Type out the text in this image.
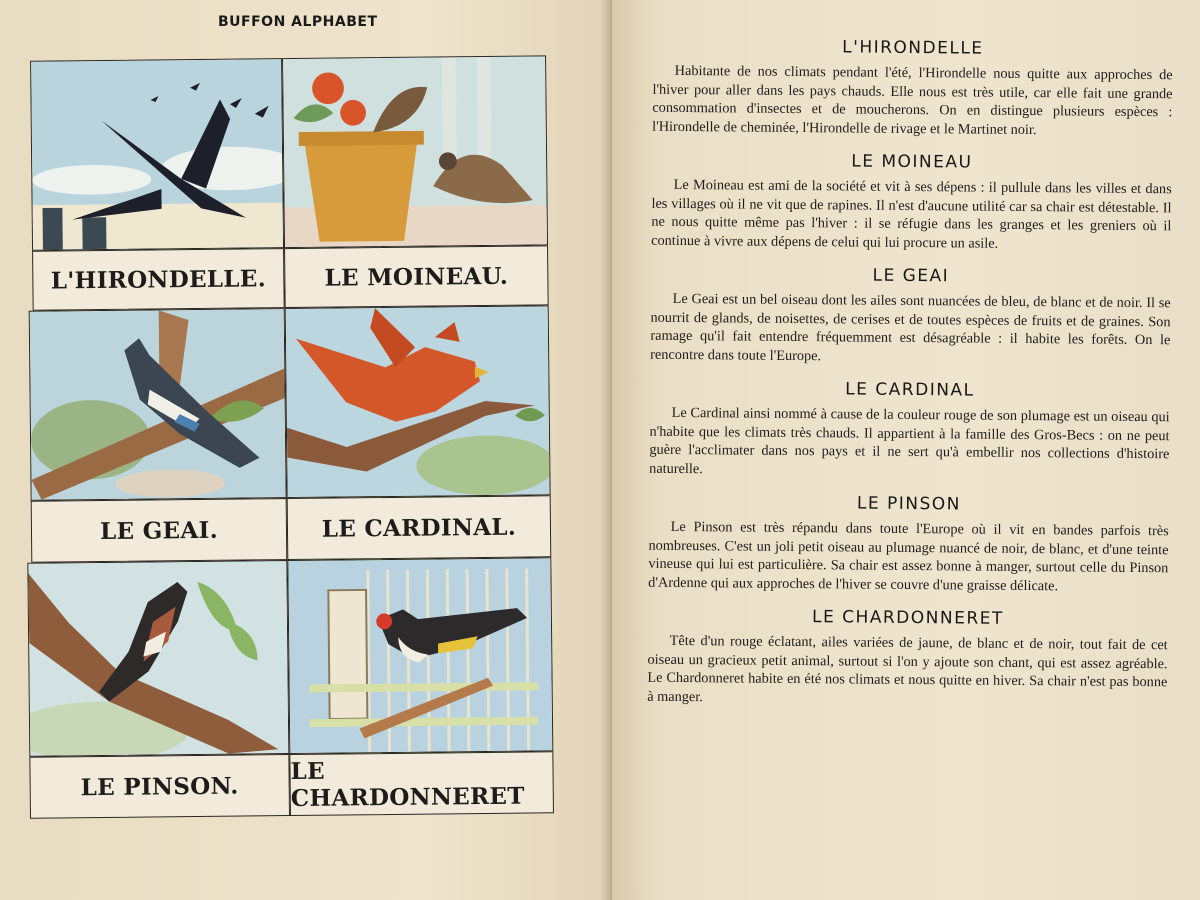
BUFFON ALPHABET
L'HIRONDELLE.	LE MOINEAU.
LE GEAI.	LE CARDINAL.
LE PINSON.
LE CHARDONNERET
L'HIRONDELLE

Habitante de nos climats pendant l'été, l'Hirondelle nous quitte aux approches de l'hiver pour aller dans les pays chauds. Elle nous est très utile, car elle fait une grande consommation d'insectes et de moucherons. On en distingue plusieurs espèces : l'Hirondelle de cheminée, l'Hirondelle de rivage et le Martinet noir.

LE MOINEAU

Le Moineau est ami de la société et vit à ses dépens : il pullule dans les villes et dans les villages où il ne vit que de rapines. Il n'est d'aucune utilité car sa chair est détestable. Il ne nous quitte même pas l'hiver : il se réfugie dans les granges et les greniers où il continue à vivre aux dépens de celui qui lui procure un asile.

LE GEAI

Le Geai est un bel oiseau dont les ailes sont nuancées de bleu, de blanc et de noir. Il se nourrit de glands, de noisettes, de cerises et de toutes espèces de fruits et de graines. Son ramage qu'il fait entendre fréquemment est désagréable : il habite les forêts. On le rencontre dans toute l'Europe.

LE CARDINAL

Le Cardinal ainsi nommé à cause de la couleur rouge de son plumage est un oiseau qui n'habite que les climats très chauds. Il appartient à la famille des Gros-Becs : on ne peut guère l'acclimater dans nos pays et il ne sert qu'à embellir nos collections d'histoire naturelle.

LE PINSON

Le Pinson est très répandu dans toute l'Europe où il vit en bandes parfois très nombreuses. C'est un joli petit oiseau au plumage nuancé de noir, de blanc, et d'une teinte vineuse qui lui est particulière. Sa chair est assez bonne à manger, surtout celle du Pinson d'Ardenne qui aux approches de l'hiver se couvre d'une graisse délicate.

LE CHARDONNERET

Tête d'un rouge éclatant, ailes variées de jaune, de blanc et de noir, tout fait de cet oiseau un gracieux petit animal, surtout si l'on y ajoute son chant, qui est assez agréable. Le Chardonneret habite en été nos climats et nous quitte en hiver. Sa chair n'est pas bonne à manger.
